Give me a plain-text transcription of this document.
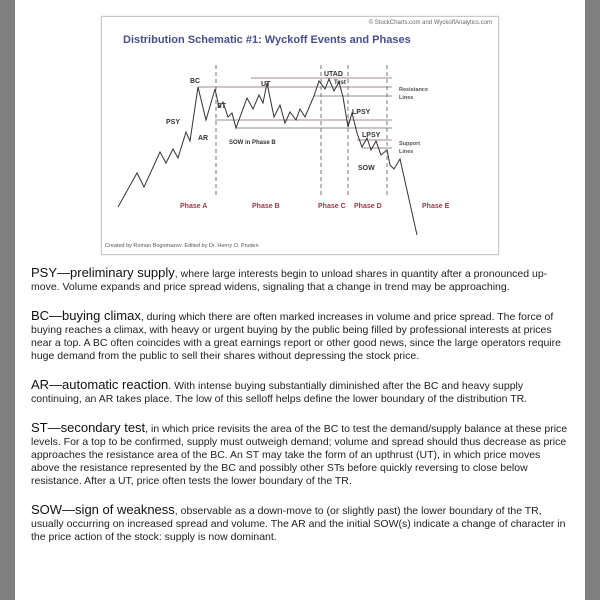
© StockCharts.com and WyckoffAnalytics.com
Distribution Schematic #1: Wyckoff Events and Phases
BC
PSY
ST
AR
UT
SOW in Phase B
UTAD
Test
LPSY
LPSY
SOW
Resistance
Lines
Support
Lines
Phase A	Phase B	Phase C Phase D	Phase E
Created by Roman Bogomazov. Edited by Dr. Henry O. Pruden

PSY—preliminary supply, where large interests begin to unload shares in quantity after a pronounced up-move. Volume expands and price spread widens, signaling that a change in trend may be approaching.

BC—buying climax, during which there are often marked increases in volume and price spread. The force of buying reaches a climax, with heavy or urgent buying by the public being filled by professional interests at prices near a top. A BC often coincides with a great earnings report or other good news, since the large operators require huge demand from the public to sell their shares without depressing the stock price.

AR—automatic reaction. With intense buying substantially diminished after the BC and heavy supply continuing, an AR takes place. The low of this selloff helps define the lower boundary of the distribution TR.

ST—secondary test, in which price revisits the area of the BC to test the demand/supply balance at these price levels. For a top to be confirmed, supply must outweigh demand; volume and spread should thus decrease as price approaches the resistance area of the BC. An ST may take the form of an upthrust (UT), in which price moves above the resistance represented by the BC and possibly other STs before quickly reversing to close below resistance. After a UT, price often tests the lower boundary of the TR.

SOW—sign of weakness, observable as a down-move to (or slightly past) the lower boundary of the TR, usually occurring on increased spread and volume. The AR and the initial SOW(s) indicate a change of character in the price action of the stock: supply is now dominant.
